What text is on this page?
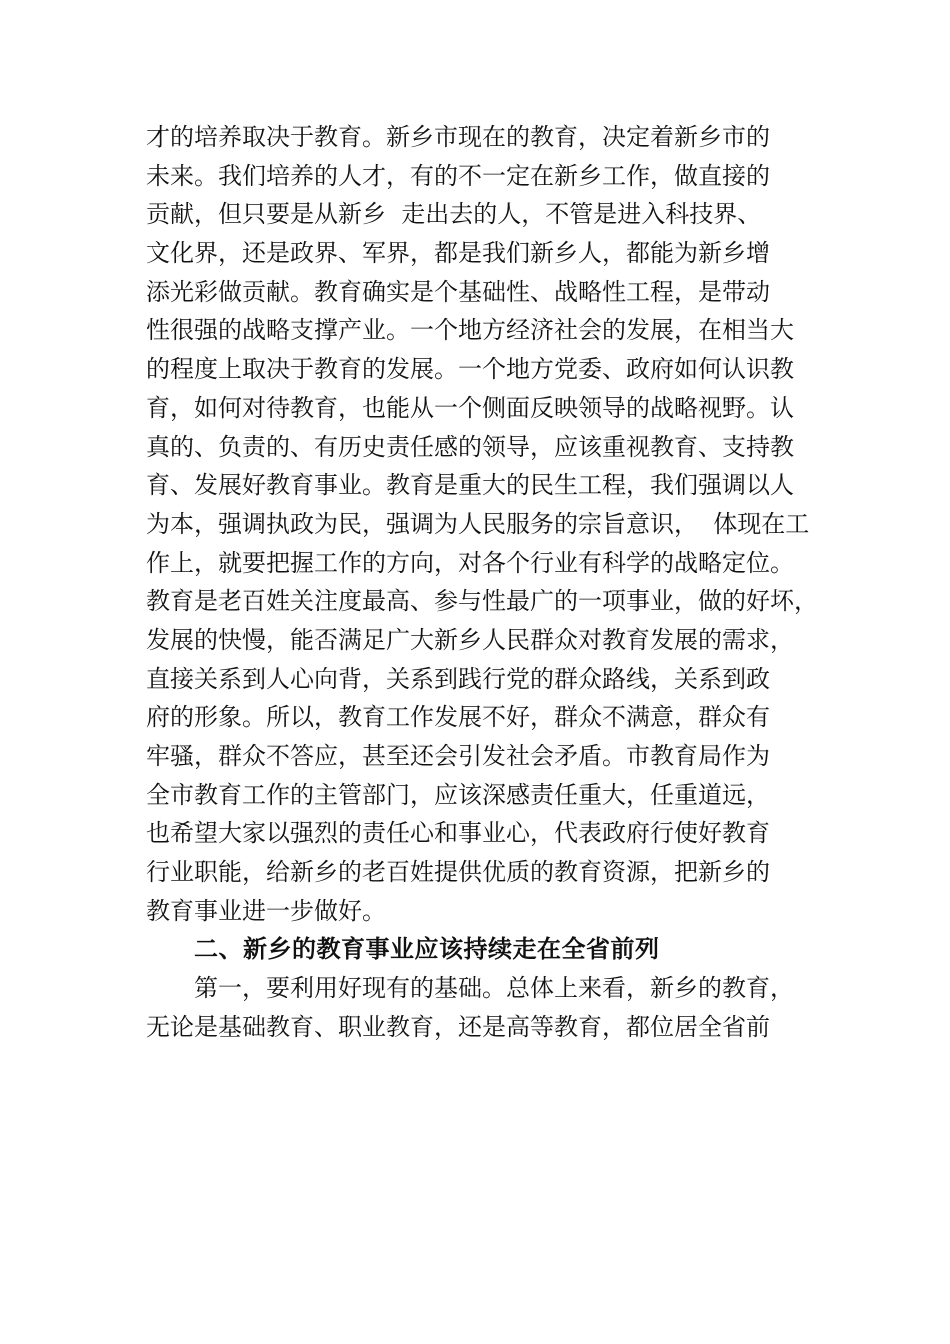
才的培养取决于教育。新乡市现在的教育，决定着新乡市的
未来。我们培养的人才，有的不一定在新乡工作，做直接的
贡献，但只要是从新乡  走出去的人，不管是进入科技界、
文化界，还是政界、军界，都是我们新乡人，都能为新乡增
添光彩做贡献。教育确实是个基础性、战略性工程，是带动
性很强的战略支撑产业。一个地方经济社会的发展，在相当大
的程度上取决于教育的发展。一个地方党委、政府如何认识教
育，如何对待教育，也能从一个侧面反映领导的战略视野。认
真的、负责的、有历史责任感的领导，应该重视教育、支持教
育、发展好教育事业。教育是重大的民生工程，我们强调以人
为本，强调执政为民，强调为人民服务的宗旨意识，  体现在工
作上，就要把握工作的方向，对各个行业有科学的战略定位。
教育是老百姓关注度最高、参与性最广的一项事业，做的好坏，
发展的快慢，能否满足广大新乡人民群众对教育发展的需求，
直接关系到人心向背，关系到践行党的群众路线，关系到政
府的形象。所以，教育工作发展不好，群众不满意，群众有
牢骚，群众不答应，甚至还会引发社会矛盾。市教育局作为
全市教育工作的主管部门，应该深感责任重大，任重道远，
也希望大家以强烈的责任心和事业心，代表政府行使好教育
行业职能，给新乡的老百姓提供优质的教育资源，把新乡的
教育事业进一步做好。
二、新乡的教育事业应该持续走在全省前列
第一，要利用好现有的基础。总体上来看，新乡的教育，
无论是基础教育、职业教育，还是高等教育，都位居全省前
